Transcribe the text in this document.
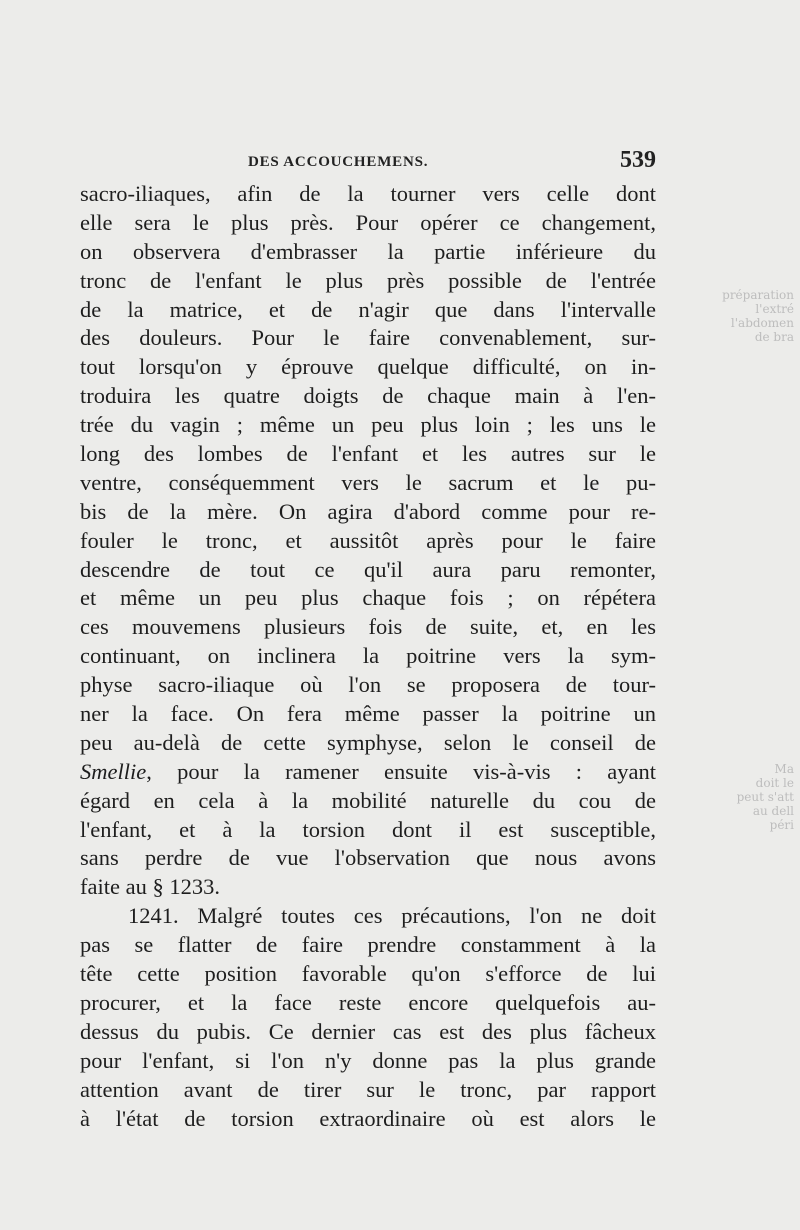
préparation
l'extré
l'abdomen
de bra
Ma
doit le
peut s'att
au dell
péri
DES ACCOUCHEMENS.	539
sacro-iliaques, afin de la tourner vers celle dont
elle sera le plus près. Pour opérer ce changement,
on observera d'embrasser la partie inférieure du
tronc de l'enfant le plus près possible de l'entrée
de la matrice, et de n'agir que dans l'intervalle
des douleurs. Pour le faire convenablement, sur-
tout lorsqu'on y éprouve quelque difficulté, on in-
troduira les quatre doigts de chaque main à l'en-
trée du vagin ; même un peu plus loin ; les uns le
long des lombes de l'enfant et les autres sur le
ventre, conséquemment vers le sacrum et le pu-
bis de la mère. On agira d'abord comme pour re-
fouler le tronc, et aussitôt après pour le faire
descendre de tout ce qu'il aura paru remonter,
et même un peu plus chaque fois ; on répétera
ces mouvemens plusieurs fois de suite, et, en les
continuant, on inclinera la poitrine vers la sym-
physe sacro-iliaque où l'on se proposera de tour-
ner la face. On fera même passer la poitrine un
peu au-delà de cette symphyse, selon le conseil de
Smellie, pour la ramener ensuite vis-à-vis : ayant
égard en cela à la mobilité naturelle du cou de
l'enfant, et à la torsion dont il est susceptible,
sans perdre de vue l'observation que nous avons
faite au § 1233.
1241. Malgré toutes ces précautions, l'on ne doit
pas se flatter de faire prendre constamment à la
tête cette position favorable qu'on s'efforce de lui
procurer, et la face reste encore quelquefois au-
dessus du pubis. Ce dernier cas est des plus fâcheux
pour l'enfant, si l'on n'y donne pas la plus grande
attention avant de tirer sur le tronc, par rapport
à l'état de torsion extraordinaire où est alors le
